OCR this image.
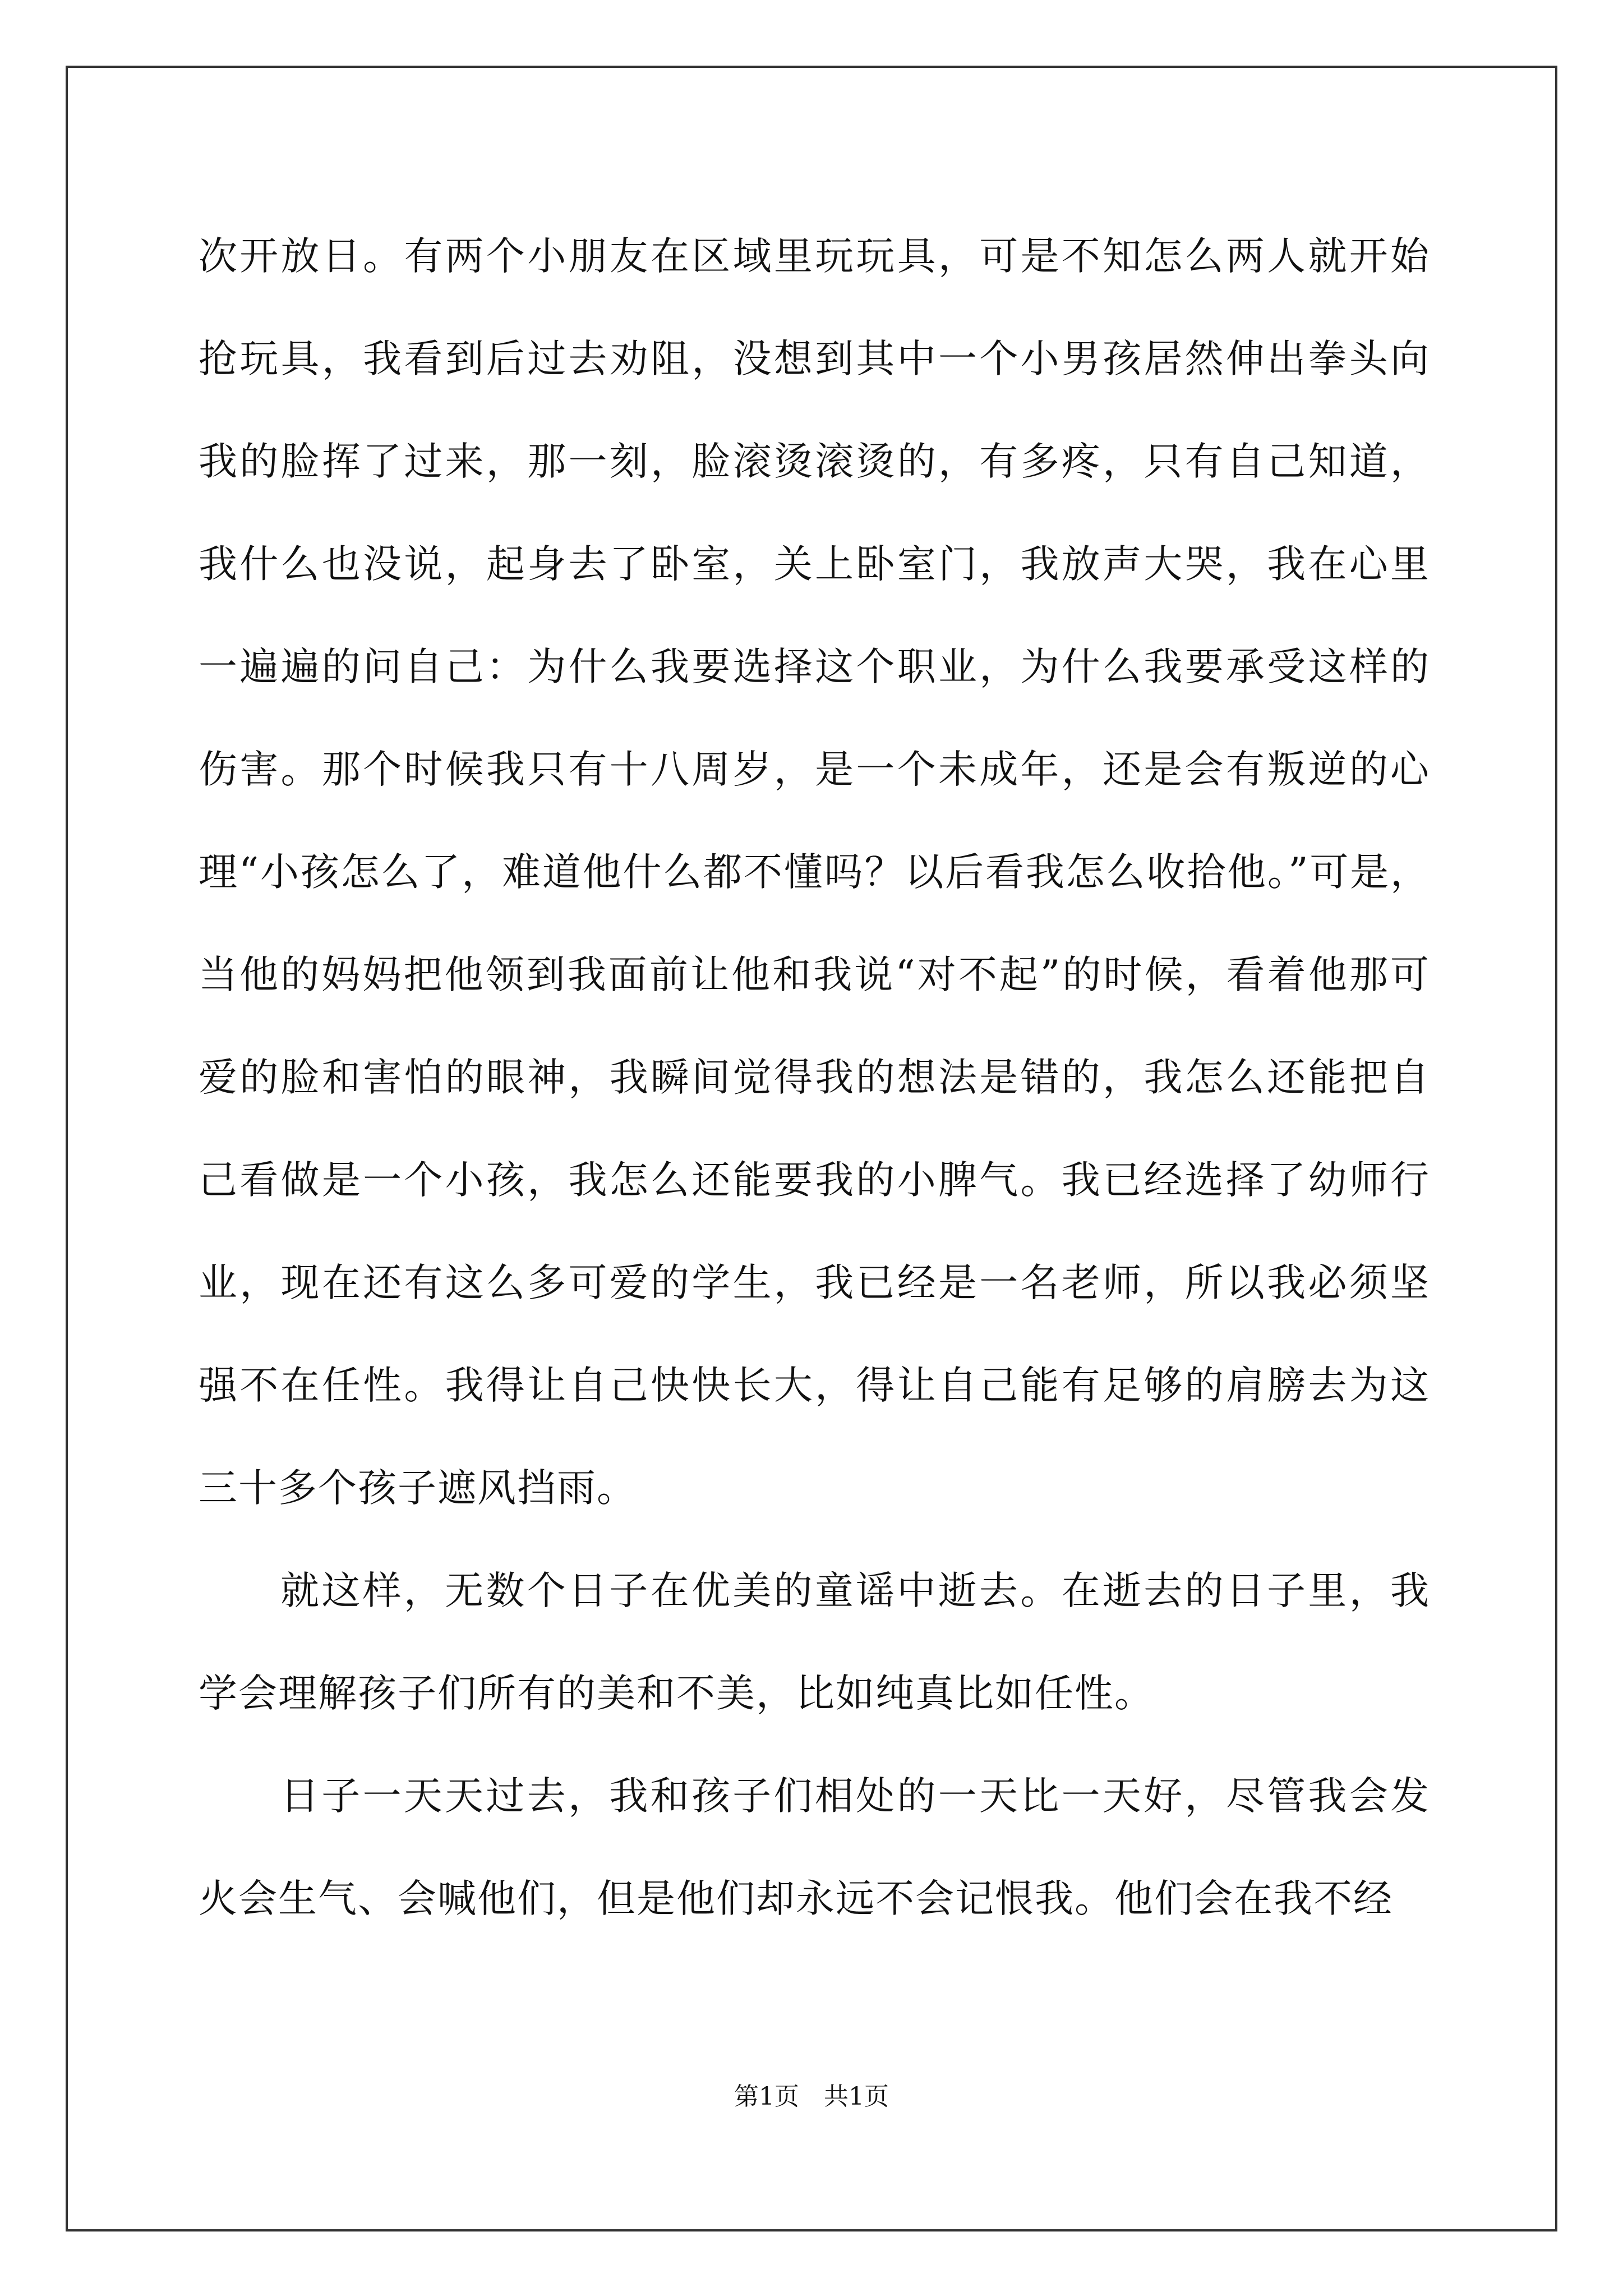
次开放日。有两个小朋友在区域里玩玩具，可是不知怎么两人就开始抢玩具，我看到后过去劝阻，没想到其中一个小男孩居然伸出拳头向我的脸挥了过来，那一刻，脸滚烫滚烫的，有多疼，只有自己知道，我什么也没说，起身去了卧室，关上卧室门，我放声大哭，我在心里一遍遍的问自己：为什么我要选择这个职业，为什么我要承受这样的伤害。那个时候我只有十八周岁，是一个未成年，还是会有叛逆的心理“小孩怎么了，难道他什么都不懂吗？以后看我怎么收拾他。”可是，当他的妈妈把他领到我面前让他和我说“对不起”的时候，看着他那可爱的脸和害怕的眼神，我瞬间觉得我的想法是错的，我怎么还能把自己看做是一个小孩，我怎么还能要我的小脾气。我已经选择了幼师行业，现在还有这么多可爱的学生，我已经是一名老师，所以我必须坚强不在任性。我得让自己快快长大，得让自己能有足够的肩膀去为这三十多个孩子遮风挡雨。

就这样，无数个日子在优美的童谣中逝去。在逝去的日子里，我学会理解孩子们所有的美和不美，比如纯真比如任性。

日子一天天过去，我和孩子们相处的一天比一天好，尽管我会发火会生气、会喊他们，但是他们却永远不会记恨我。他们会在我不经

第1页　共1页
